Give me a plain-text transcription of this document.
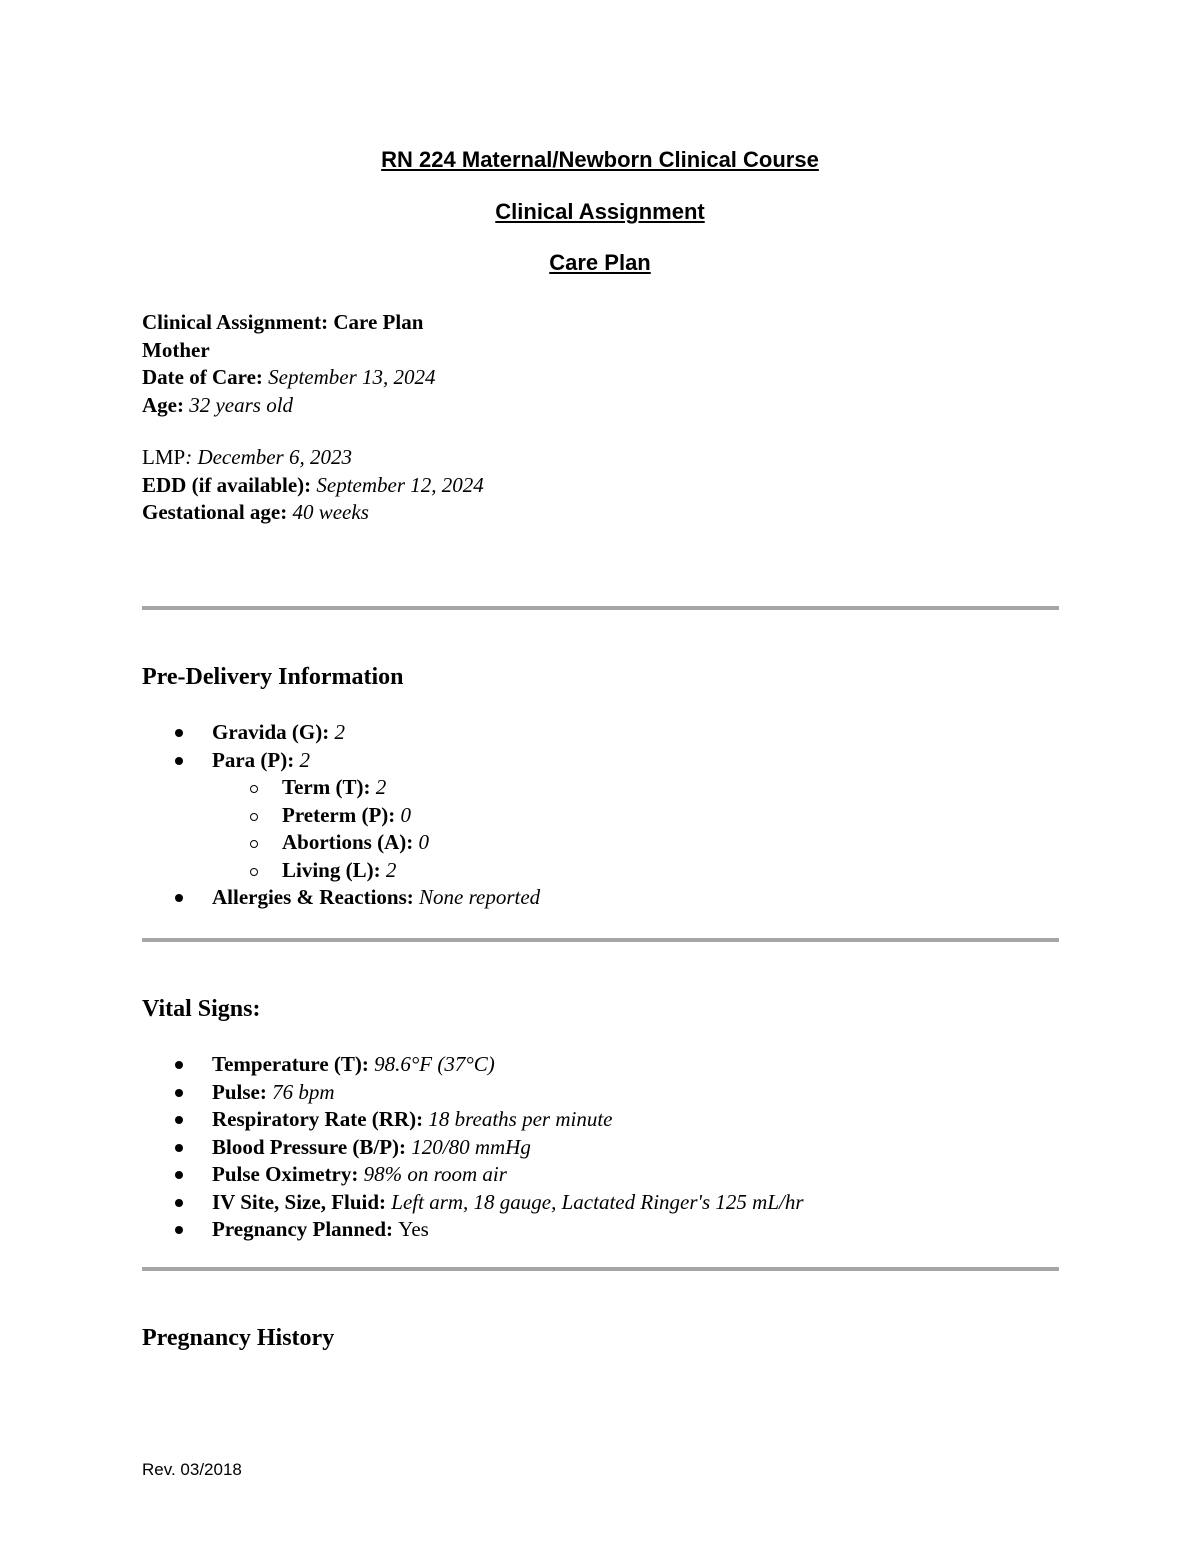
RN 224 Maternal/Newborn Clinical Course
Clinical Assignment
Care Plan

Clinical Assignment: Care Plan

Mother

Date of Care: September 13, 2024

Age: 32 years old

LMP: December 6, 2023

EDD (if available): September 12, 2024

Gestational age: 40 weeks

Pre-Delivery Information
Gravida (G): 2
Para (P): 2
Term (T): 2
Preterm (P): 0
Abortions (A): 0
Living (L): 2
Allergies & Reactions: None reported
Vital Signs:
Temperature (T): 98.6°F (37°C)
Pulse: 76 bpm
Respiratory Rate (RR): 18 breaths per minute
Blood Pressure (B/P): 120/80 mmHg
Pulse Oximetry: 98% on room air
IV Site, Size, Fluid: Left arm, 18 gauge, Lactated Ringer's 125 mL/hr
Pregnancy Planned: Yes
Pregnancy History
Rev. 03/2018
